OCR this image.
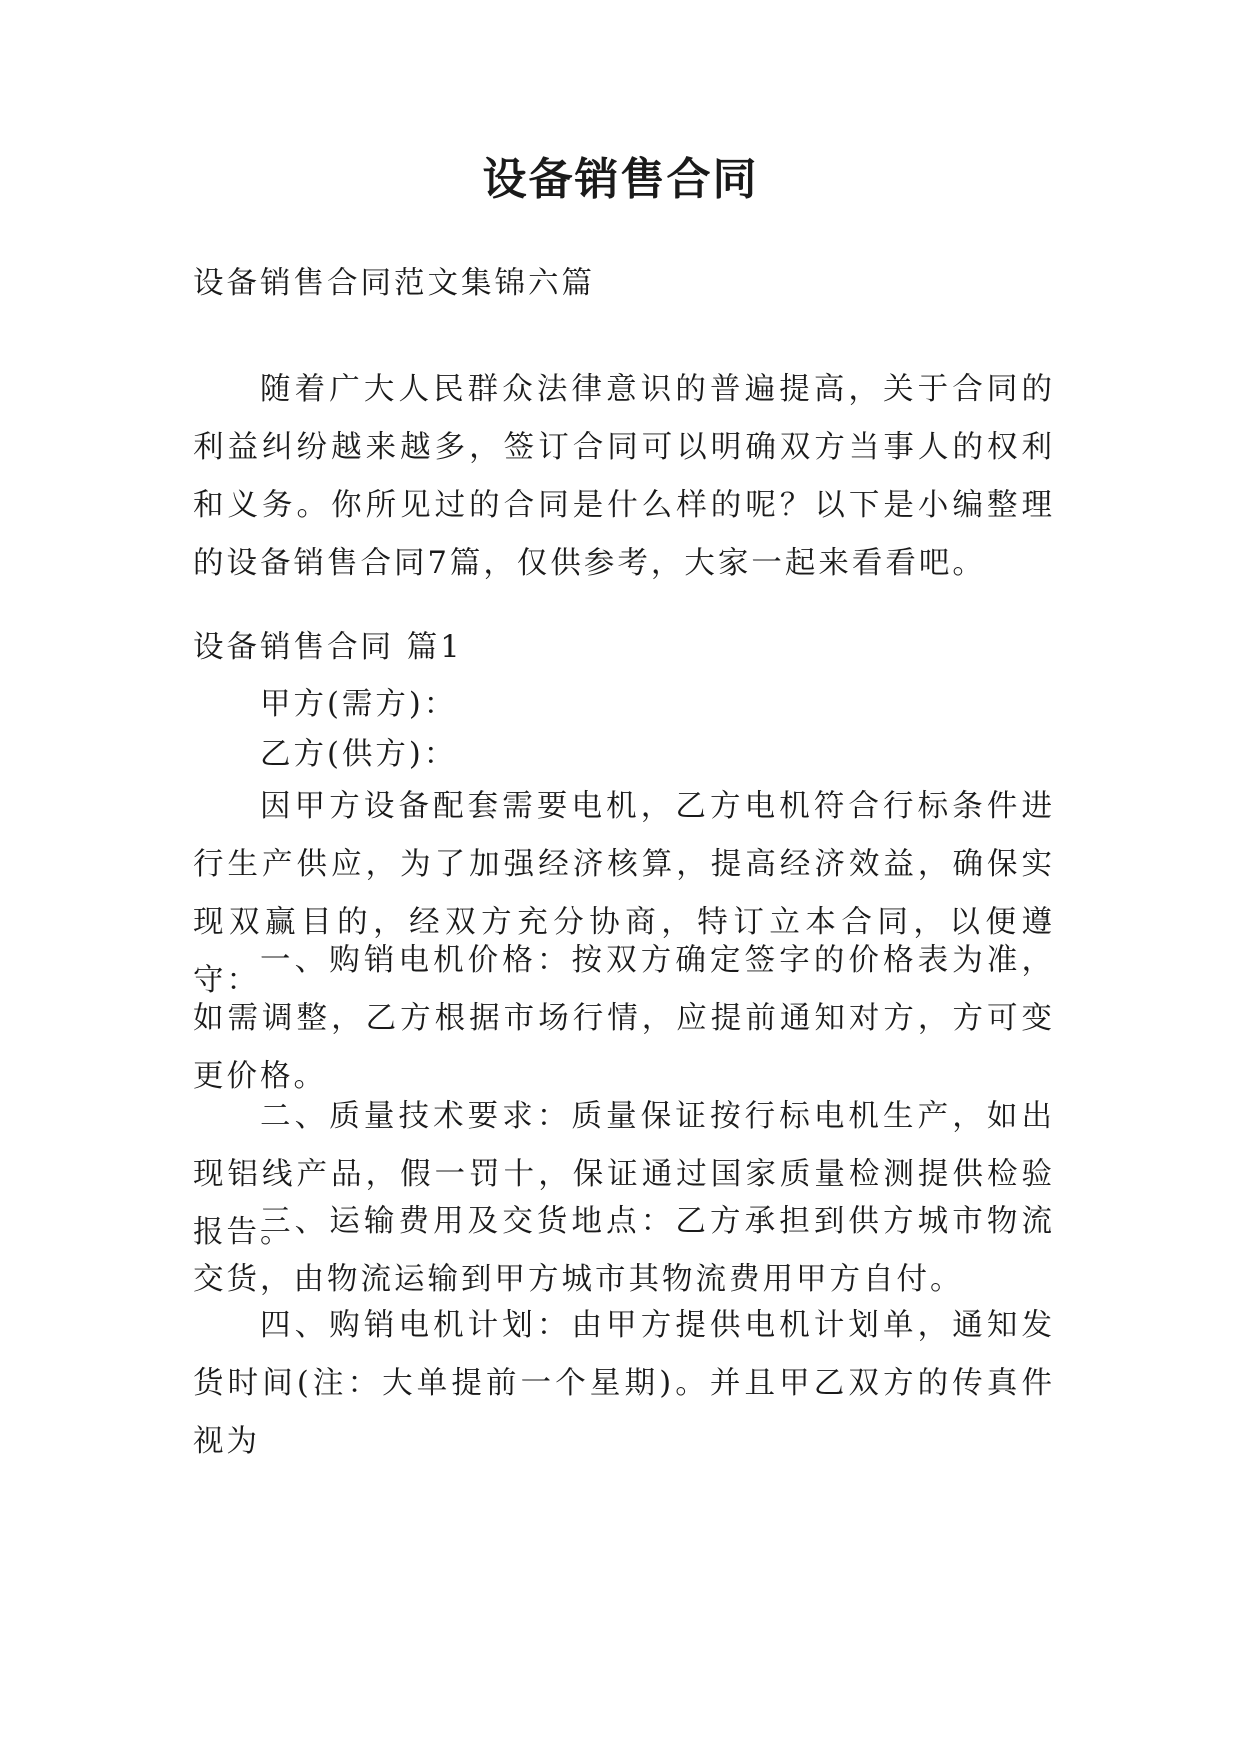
设备销售合同
设备销售合同范文集锦六篇
随着广大人民群众法律意识的普遍提高，关于合同的利益纠纷越来越多，签订合同可以明确双方当事人的权利和义务。你所见过的合同是什么样的呢？以下是小编整理的设备销售合同7篇，仅供参考，大家一起来看看吧。
设备销售合同 篇1
甲方(需方)：
乙方(供方)：
因甲方设备配套需要电机，乙方电机符合行标条件进行生产供应，为了加强经济核算，提高经济效益，确保实现双赢目的，经双方充分协商，特订立本合同，以便遵守：
一、购销电机价格：按双方确定签字的价格表为准，如需调整，乙方根据市场行情，应提前通知对方，方可变更价格。
二、质量技术要求：质量保证按行标电机生产，如出现铝线产品，假一罚十，保证通过国家质量检测提供检验报告。
三、运输费用及交货地点：乙方承担到供方城市物流交货，由物流运输到甲方城市其物流费用甲方自付。
四、购销电机计划：由甲方提供电机计划单，通知发货时间(注：大单提前一个星期)。并且甲乙双方的传真件视为
